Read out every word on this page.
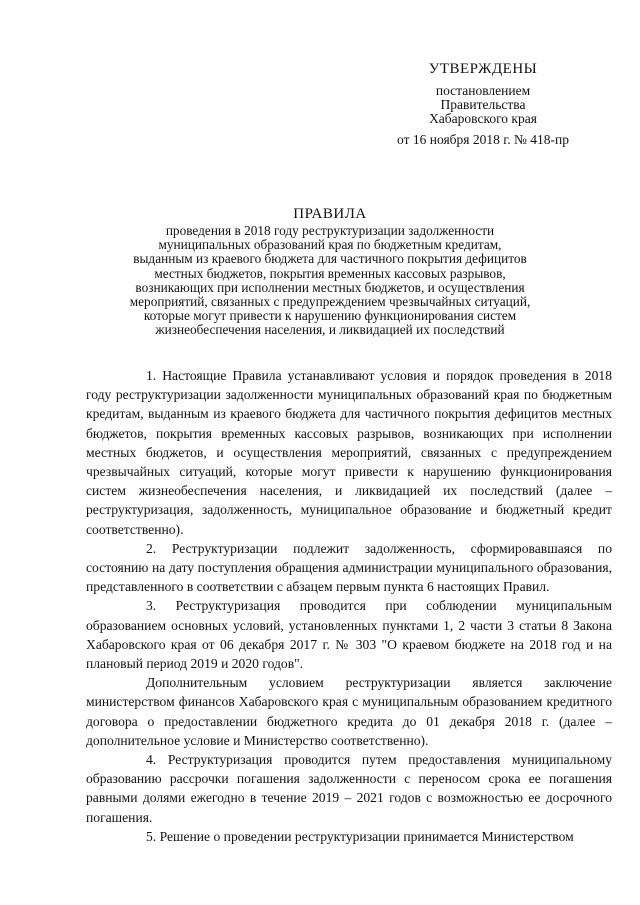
УТВЕРЖДЕНЫ
постановлением
Правительства
Хабаровского края
от 16 ноября 2018 г. № 418-пр
ПРАВИЛА
проведения в 2018 году реструктуризации задолженности
муниципальных образований края по бюджетным кредитам,
выданным из краевого бюджета для частичного покрытия дефицитов
местных бюджетов, покрытия временных кассовых разрывов,
возникающих при исполнении местных бюджетов, и осуществления
мероприятий, связанных с предупреждением чрезвычайных ситуаций,
которые могут привести к нарушению функционирования систем
жизнеобеспечения населения, и ликвидацией их последствий

1. Настоящие Правила устанавливают условия и порядок проведения в 2018 году реструктуризации задолженности муниципальных образований края по бюджетным кредитам, выданным из краевого бюджета для частичного покрытия дефицитов местных бюджетов, покрытия временных кассовых разрывов, возникающих при исполнении местных бюджетов, и осуществления мероприятий, связанных с предупреждением чрезвычайных ситуаций, которые могут привести к нарушению функционирования систем жизнеобеспечения населения, и ликвидацией их последствий (далее – реструктуризация, задолженность, муниципальное образование и бюджетный кредит соответственно).

2. Реструктуризации подлежит задолженность, сформировавшаяся по состоянию на дату поступления обращения администрации муниципального образования, представленного в соответствии с абзацем первым пункта 6 настоящих Правил.

3. Реструктуризация проводится при соблюдении муниципальным образованием основных условий, установленных пунктами 1, 2 части 3 статьи 8 Закона Хабаровского края от 06 декабря 2017 г. № 303 "О краевом бюджете на 2018 год и на плановый период 2019 и 2020 годов".

Дополнительным условием реструктуризации является заключение министерством финансов Хабаровского края с муниципальным образованием кредитного договора о предоставлении бюджетного кредита до 01 декабря 2018 г. (далее – дополнительное условие и Министерство соответственно).

4. Реструктуризация проводится путем предоставления муниципальному образованию рассрочки погашения задолженности с переносом срока ее погашения равными долями ежегодно в течение 2019 – 2021 годов с возможностью ее досрочного погашения.

5. Решение о проведении реструктуризации принимается Министерством
